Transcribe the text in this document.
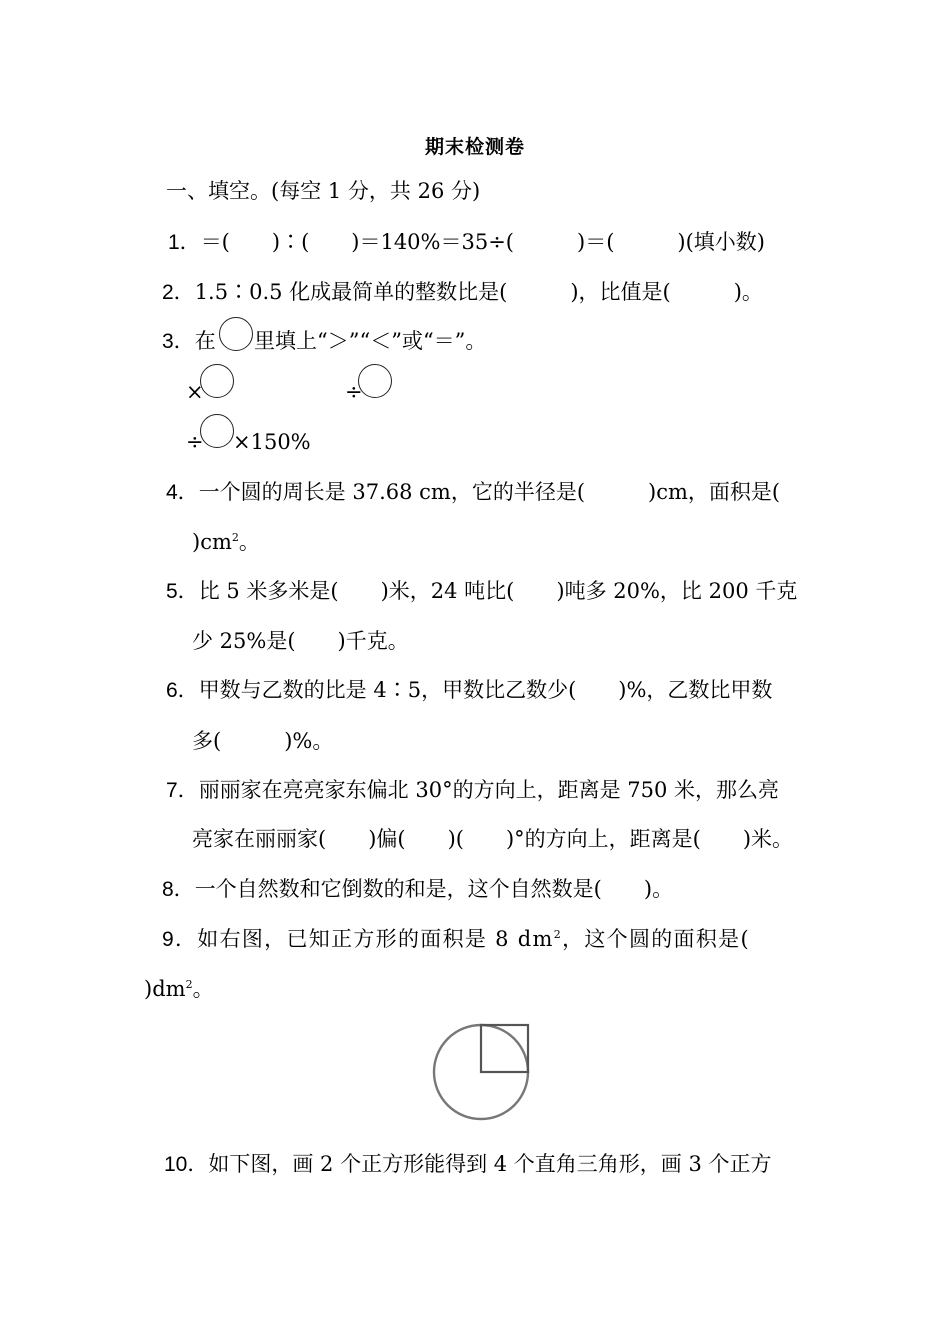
期末检测卷
一、填空。(每空 1 分，共 26 分)
1．＝(　　)∶(　　)＝140%＝35÷(　　　)＝(　　　)(填小数)
2．1.5∶0.5 化成最简单的整数比是(　　　)，比值是(　　　)。
3．在 里填上“＞”“＜”或“＝”。
×	÷
÷ ×150%
4．一个圆的周长是 37.68 cm，它的半径是(　　　)cm，面积是(
)$cm^2$。
5．比 5 米多米是(　　)米，24 吨比(　　)吨多 20%，比 200 千克
少 25%是(　　)千克。
6．甲数与乙数的比是 4∶5，甲数比乙数少(　　)%，乙数比甲数
多(　　　)%。
7．丽丽家在亮亮家东偏北 30°的方向上，距离是 750 米，那么亮
亮家在丽丽家(　　)偏(　　)(　　)°的方向上，距离是(　　)米。
8．一个自然数和它倒数的和是，这个自然数是(　　)。
9．如右图，已知正方形的面积是 8 $dm^2$，这个圆的面积是(
)$dm^2$。
10．如下图，画 2 个正方形能得到 4 个直角三角形，画 3 个正方
